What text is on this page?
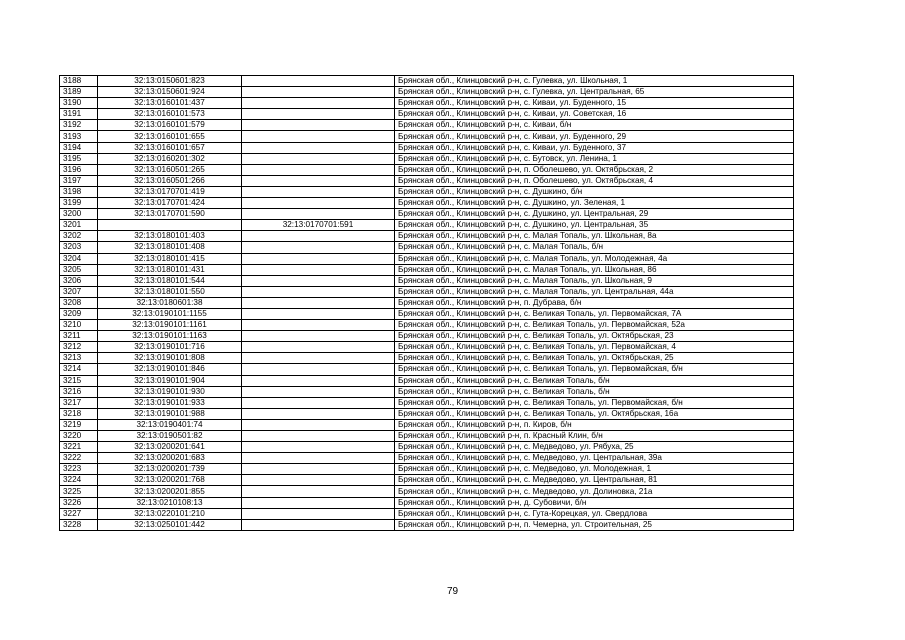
3188	32:13:0150601:823		Брянская обл., Клинцовский р-н, с. Гулевка, ул. Школьная, 1
3189	32:13:0150601:924		Брянская обл., Клинцовский р-н, с. Гулевка, ул. Центральная, 65
3190	32:13:0160101:437		Брянская обл., Клинцовский р-н, с. Киваи, ул. Буденного, 15
3191	32:13:0160101:573		Брянская обл., Клинцовский р-н, с. Киваи, ул. Советская, 16
3192	32:13:0160101:579		Брянская обл., Клинцовский р-н, с. Киваи, б/н
3193	32:13:0160101:655		Брянская обл., Клинцовский р-н, с. Киваи, ул. Буденного, 29
3194	32:13:0160101:657		Брянская обл., Клинцовский р-н, с. Киваи, ул. Буденного, 37
3195	32:13:0160201:302		Брянская обл., Клинцовский р-н, с. Бутовск, ул. Ленина, 1
3196	32:13:0160501:265		Брянская обл., Клинцовский р-н, п. Оболешево, ул. Октябрьская, 2
3197	32:13:0160501:266		Брянская обл., Клинцовский р-н, п. Оболешево, ул. Октябрьская, 4
3198	32:13:0170701:419		Брянская обл., Клинцовский р-н, с. Душкино, б/н
3199	32:13:0170701:424		Брянская обл., Клинцовский р-н, с. Душкино, ул. Зеленая, 1
3200	32:13:0170701:590		Брянская обл., Клинцовский р-н, с. Душкино, ул. Центральная, 29
3201		32:13:0170701:591	Брянская обл., Клинцовский р-н, с. Душкино, ул. Центральная, 35
3202	32:13:0180101:403		Брянская обл., Клинцовский р-н, с. Малая Топаль, ул. Школьная, 8а
3203	32:13:0180101:408		Брянская обл., Клинцовский р-н, с. Малая Топаль, б/н
3204	32:13:0180101:415		Брянская обл., Клинцовский р-н, с. Малая Топаль, ул. Молодежная, 4а
3205	32:13:0180101:431		Брянская обл., Клинцовский р-н, с. Малая Топаль, ул. Школьная, 86
3206	32:13:0180101:544		Брянская обл., Клинцовский р-н, с. Малая Топаль, ул. Школьная, 9
3207	32:13:0180101:550		Брянская обл., Клинцовский р-н, с. Малая Топаль, ул. Центральная, 44а
3208	32:13:0180601:38		Брянская обл., Клинцовский р-н, п. Дубрава, б/н
3209	32:13:0190101:1155		Брянская обл., Клинцовский р-н, с. Великая Топаль, ул. Первомайская, 7А
3210	32:13:0190101:1161		Брянская обл., Клинцовский р-н, с. Великая Топаль, ул. Первомайская, 52а
3211	32:13:0190101:1163		Брянская обл., Клинцовский р-н, с. Великая Топаль, ул. Октябрьская, 23
3212	32:13:0190101:716		Брянская обл., Клинцовский р-н, с. Великая Топаль, ул. Первомайская, 4
3213	32:13:0190101:808		Брянская обл., Клинцовский р-н, с. Великая Топаль, ул. Октябрьская, 25
3214	32:13:0190101:846		Брянская обл., Клинцовский р-н, с. Великая Топаль, ул. Первомайская, б/н
3215	32:13:0190101:904		Брянская обл., Клинцовский р-н, с. Великая Топаль, б/н
3216	32:13:0190101:930		Брянская обл., Клинцовский р-н, с. Великая Топаль, б/н
3217	32:13:0190101:933		Брянская обл., Клинцовский р-н, с. Великая Топаль, ул. Первомайская, б/н
3218	32:13:0190101:988		Брянская обл., Клинцовский р-н, с. Великая Топаль, ул. Октябрьская, 16а
3219	32:13:0190401:74		Брянская обл., Клинцовский р-н, п. Киров, б/н
3220	32:13:0190501:82		Брянская обл., Клинцовский р-н, п. Красный Клин, б/н
3221	32:13:0200201:641		Брянская обл., Клинцовский р-н, с. Медведово, ул. Рябуха, 25
3222	32:13:0200201:683		Брянская обл., Клинцовский р-н, с. Медведово, ул. Центральная, 39а
3223	32:13:0200201:739		Брянская обл., Клинцовский р-н, с. Медведово, ул. Молодежная, 1
3224	32:13:0200201:768		Брянская обл., Клинцовский р-н, с. Медведово, ул. Центральная, 81
3225	32:13:0200201:855		Брянская обл., Клинцовский р-н, с. Медведово, ул. Долиновка, 21а
3226	32:13:0210108:13		Брянская обл., Клинцовский р-н, д. Субовичи, б/н
3227	32:13:0220101:210		Брянская обл., Клинцовский р-н, с. Гута-Корецкая, ул. Свердлова
3228	32:13:0250101:442		Брянская обл., Клинцовский р-н, п. Чемерна, ул. Строительная, 25
79
